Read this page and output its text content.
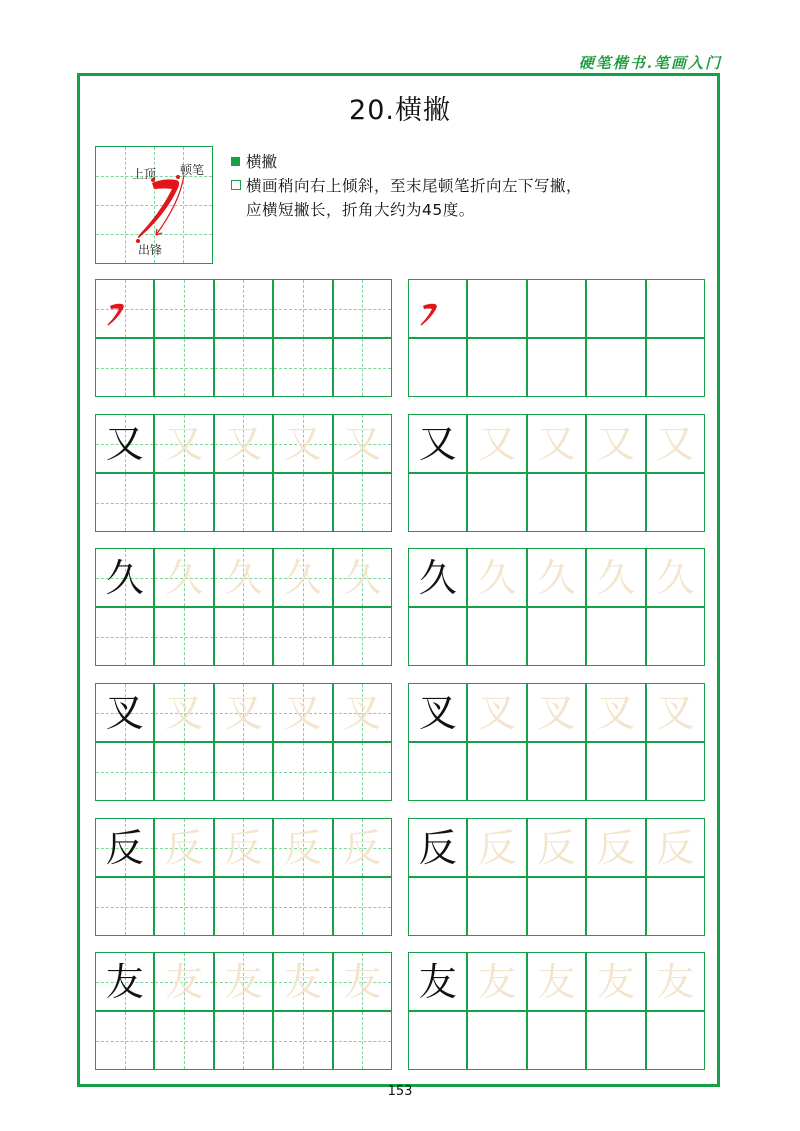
硬笔楷书.笔画入门
20.横撇
上顶 顿笔
出锋
横撇
横画稍向右上倾斜，至末尾顿笔折向左下写撇，
应横短撇长，折角大约为45度。
又 又 又 又 又 又 又 又 又 又
久 久 久 久 久 久 久 久 久 久
叉 叉 叉 叉 叉 叉 叉 叉 叉 叉
反 反 反 反 反 反 反 反 反 反
友 友 友 友 友 友 友 友 友 友
153
